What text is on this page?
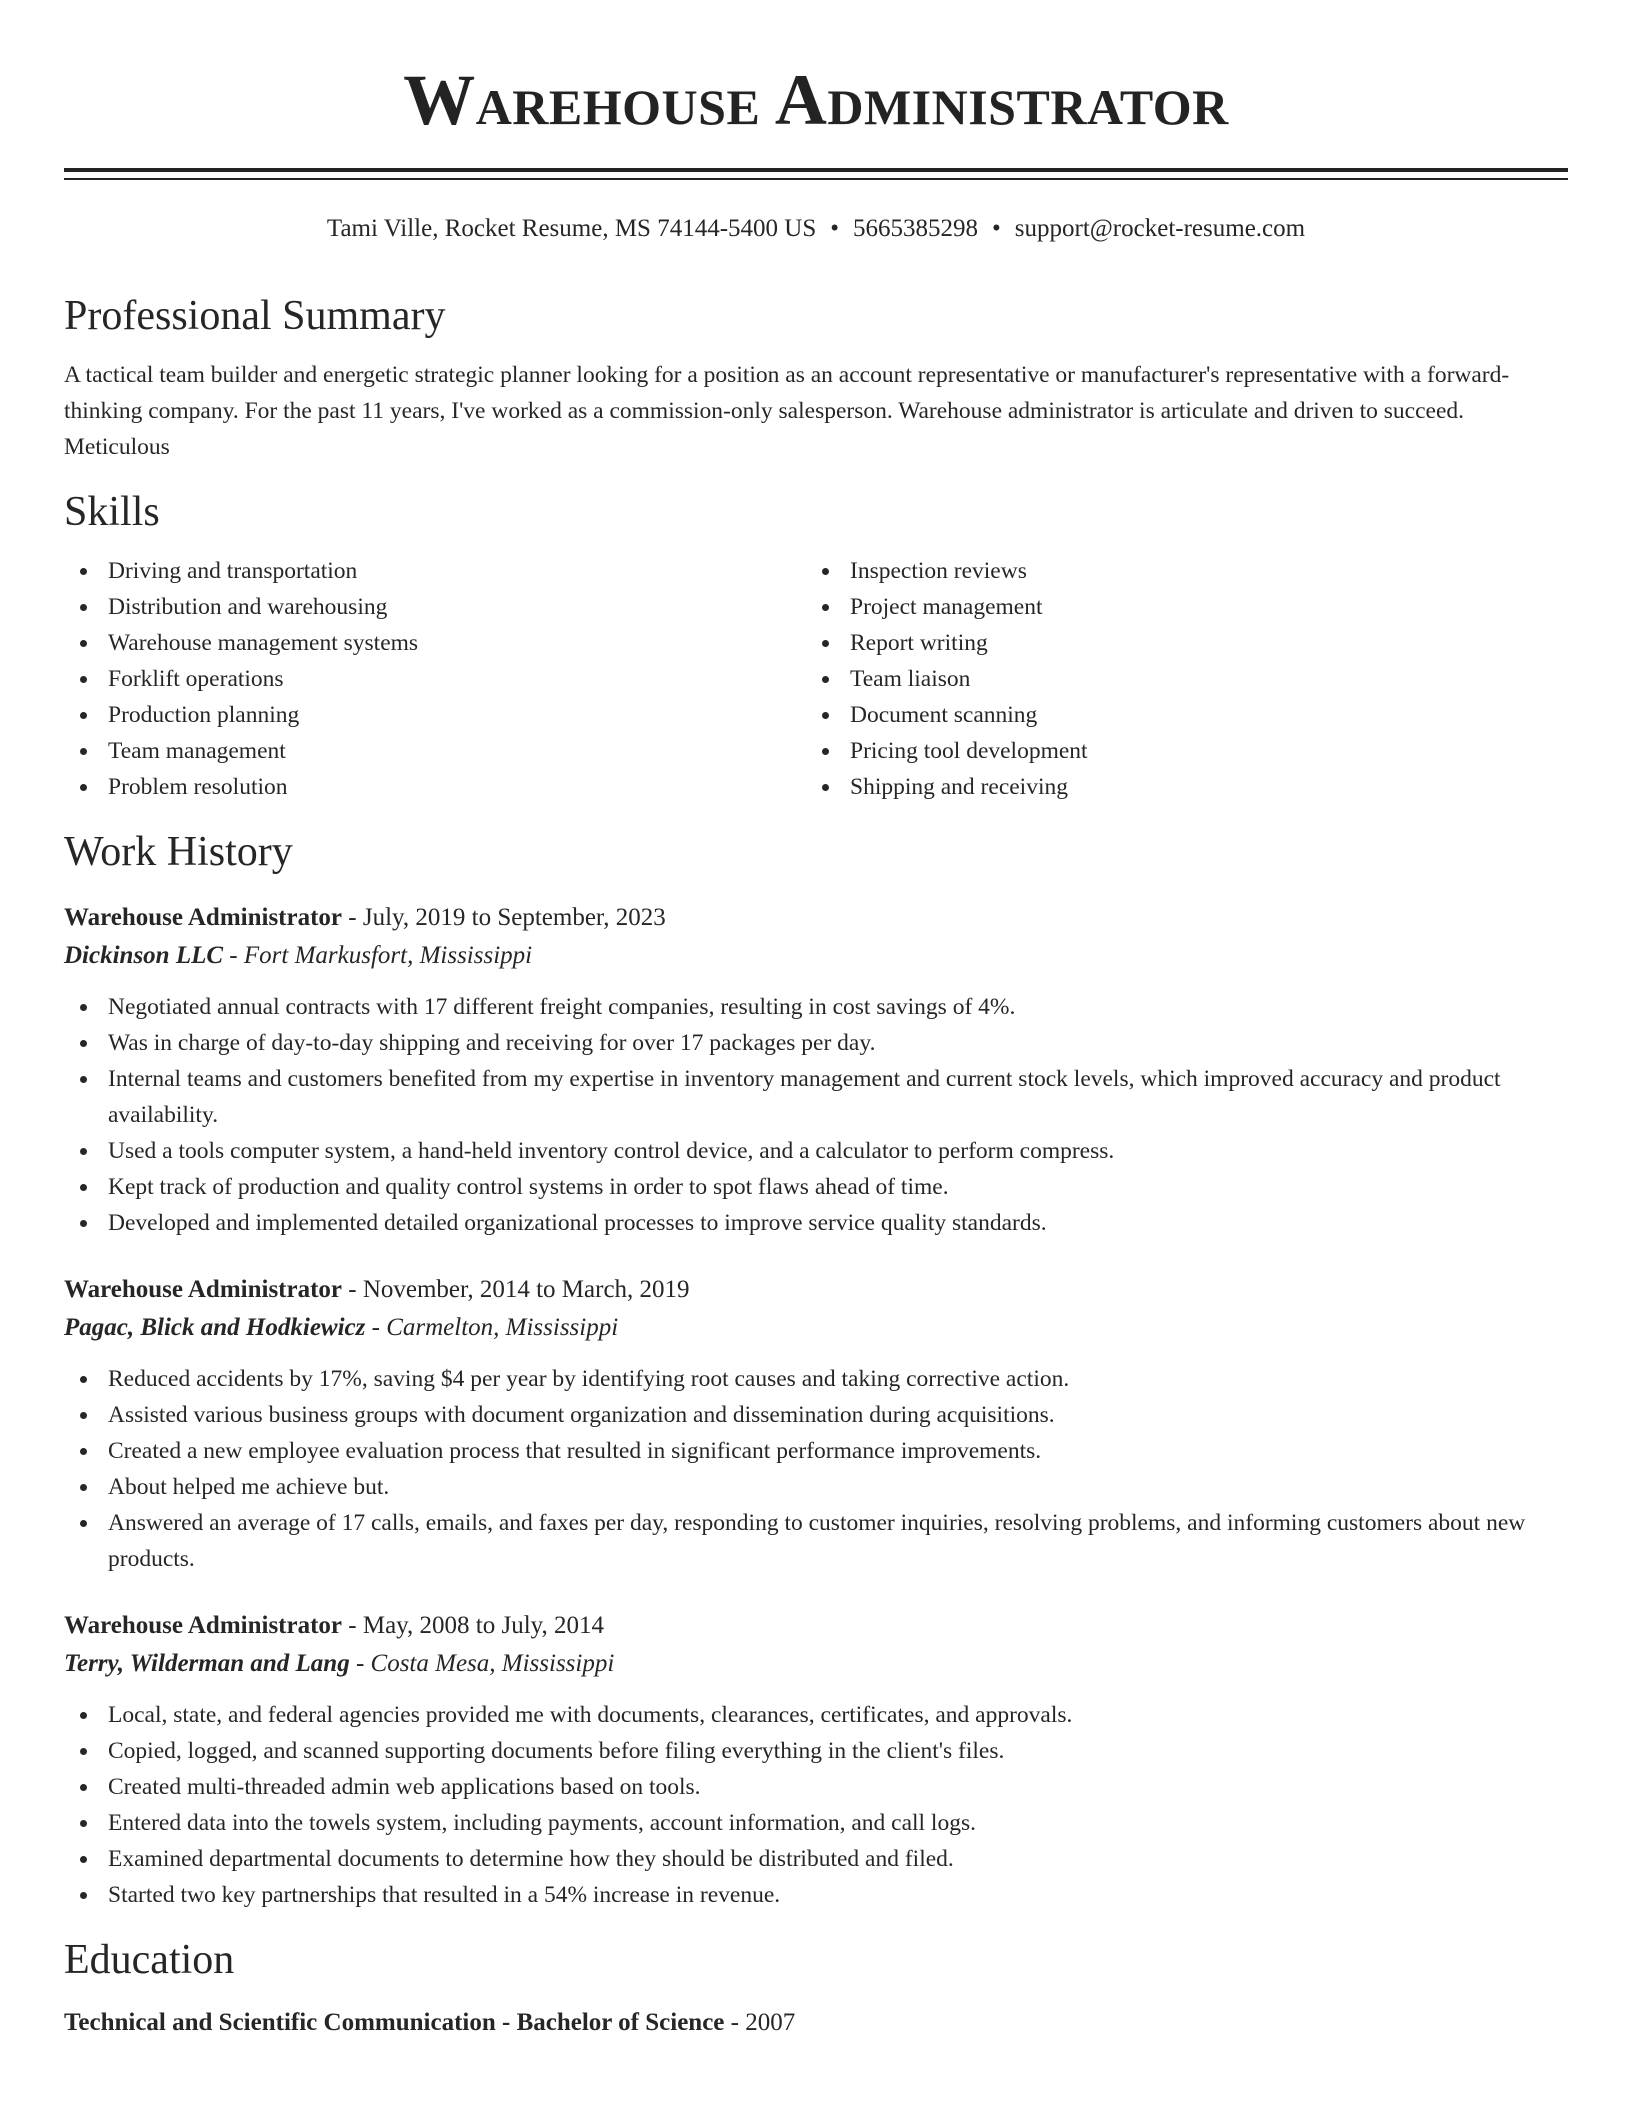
Warehouse Administrator
Tami Ville, Rocket Resume, MS 74144-5400 US • 5665385298 • support@rocket-resume.com
Professional Summary

A tactical team builder and energetic strategic planner looking for a position as an account representative or manufacturer's representative with a forward-thinking company. For the past 11 years, I've worked as a commission-only salesperson. Warehouse administrator is articulate and driven to succeed. Meticulous

Skills
Driving and transportation
Distribution and warehousing
Warehouse management systems
Forklift operations
Production planning
Team management
Problem resolution
Inspection reviews
Project management
Report writing
Team liaison
Document scanning
Pricing tool development
Shipping and receiving
Work History
Warehouse Administrator - July, 2019 to September, 2023
Dickinson LLC - Fort Markusfort, Mississippi
Negotiated annual contracts with 17 different freight companies, resulting in cost savings of 4%.
Was in charge of day-to-day shipping and receiving for over 17 packages per day.
Internal teams and customers benefited from my expertise in inventory management and current stock levels, which improved accuracy and product availability.
Used a tools computer system, a hand-held inventory control device, and a calculator to perform compress.
Kept track of production and quality control systems in order to spot flaws ahead of time.
Developed and implemented detailed organizational processes to improve service quality standards.
Warehouse Administrator - November, 2014 to March, 2019
Pagac, Blick and Hodkiewicz - Carmelton, Mississippi
Reduced accidents by 17%, saving $4 per year by identifying root causes and taking corrective action.
Assisted various business groups with document organization and dissemination during acquisitions.
Created a new employee evaluation process that resulted in significant performance improvements.
About helped me achieve but.
Answered an average of 17 calls, emails, and faxes per day, responding to customer inquiries, resolving problems, and informing customers about new products.
Warehouse Administrator - May, 2008 to July, 2014
Terry, Wilderman and Lang - Costa Mesa, Mississippi
Local, state, and federal agencies provided me with documents, clearances, certificates, and approvals.
Copied, logged, and scanned supporting documents before filing everything in the client's files.
Created multi-threaded admin web applications based on tools.
Entered data into the towels system, including payments, account information, and call logs.
Examined departmental documents to determine how they should be distributed and filed.
Started two key partnerships that resulted in a 54% increase in revenue.
Education
Technical and Scientific Communication - Bachelor of Science - 2007
